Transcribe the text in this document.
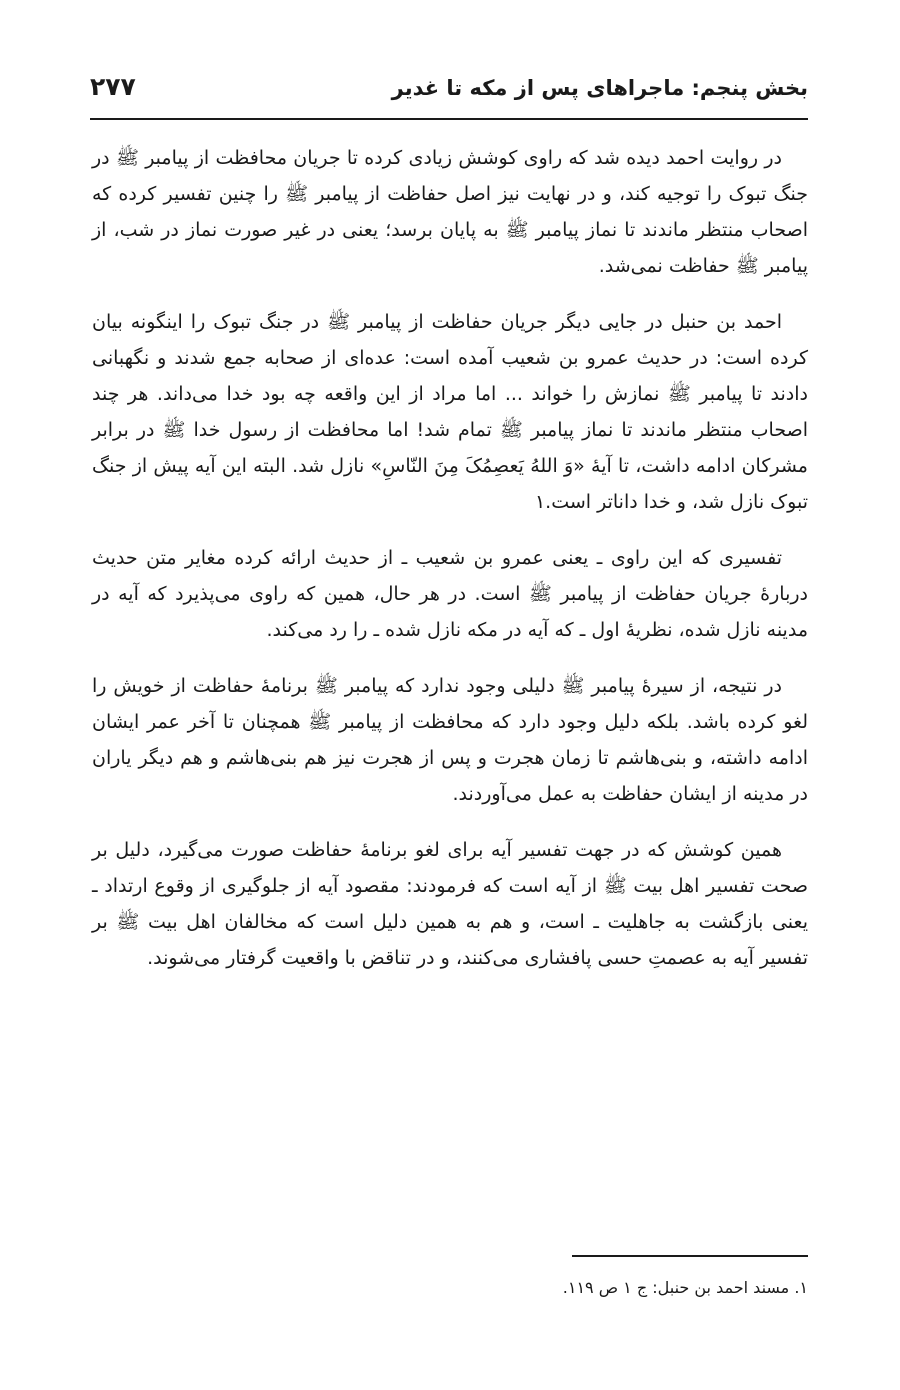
بخش پنجم: ماجراهای پس از مکه تا غدیر
۲۷۷

در روایت احمد دیده شد که راوی کوشش زیادی کرده تا جریان محافظت از پیامبر ﷺ در جنگ تبوک را توجیه کند، و در نهایت نیز اصل حفاظت از پیامبر ﷺ را چنین تفسیر کرده که اصحاب منتظر ماندند تا نماز پیامبر ﷺ به پایان برسد؛ یعنی در غیر صورت نماز در شب، از پیامبر ﷺ حفاظت نمی‌شد.

احمد بن حنبل در جایی دیگر جریان حفاظت از پیامبر ﷺ در جنگ تبوک را اینگونه بیان کرده است: در حدیث عمرو بن شعیب آمده است: عده‌ای از صحابه جمع شدند و نگهبانی دادند تا پیامبر ﷺ نمازش را خواند ... اما مراد از این واقعه چه بود خدا می‌داند. هر چند اصحاب منتظر ماندند تا نماز پیامبر ﷺ تمام شد! اما محافظت از رسول خدا ﷺ در برابر مشرکان ادامه داشت، تا آیهٔ «وَ اللهُ یَعصِمُکَ مِنَ النّاسِ» نازل شد. البته این آیه پیش از جنگ تبوک نازل شد، و خدا داناتر است.۱

تفسیری که این راوی ـ یعنی عمرو بن شعیب ـ از حدیث ارائه کرده مغایر متن حدیث دربارهٔ جریان حفاظت از پیامبر ﷺ است. در هر حال، همین که راوی می‌پذیرد که آیه در مدینه نازل شده، نظریهٔ اول ـ که آیه در مکه نازل شده ـ را رد می‌کند.

در نتیجه، از سیرهٔ پیامبر ﷺ دلیلی وجود ندارد که پیامبر ﷺ برنامهٔ حفاظت از خویش را لغو کرده باشد. بلکه دلیل وجود دارد که محافظت از پیامبر ﷺ همچنان تا آخر عمر ایشان ادامه داشته، و بنی‌هاشم تا زمان هجرت و پس از هجرت نیز هم بنی‌هاشم و هم دیگر یاران در مدینه از ایشان حفاظت به عمل می‌آوردند.

همین کوشش که در جهت تفسیر آیه برای لغو برنامهٔ حفاظت صورت می‌گیرد، دلیل بر صحت تفسیر اهل بیت ﷺ از آیه است که فرمودند: مقصود آیه از جلوگیری از وقوع ارتداد ـ یعنی بازگشت به جاهلیت ـ است، و هم به همین دلیل است که مخالفان اهل بیت ﷺ بر تفسیر آیه به عصمتِ حسی پافشاری می‌کنند، و در تناقض با واقعیت گرفتار می‌شوند.

۱. مسند احمد بن حنبل: ج ۱ ص ۱۱۹.
